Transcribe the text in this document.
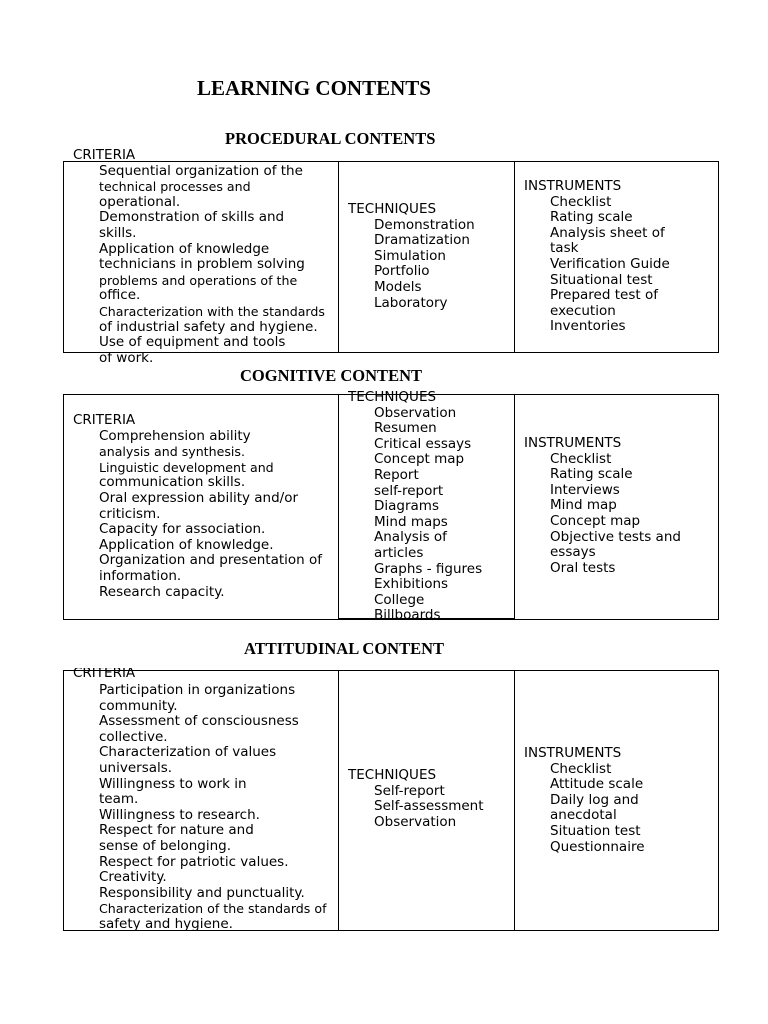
LEARNING CONTENTS
PROCEDURAL CONTENTS
CRITERIA
Sequential organization of the
technical processes and
operational.
Demonstration of skills and
skills.
Application of knowledge
technicians in problem solving
problems and operations of the
office.
Characterization with the standards
of industrial safety and hygiene.
Use of equipment and tools
of work.
TECHNIQUES
Demonstration
Dramatization
Simulation
Portfolio
Models
Laboratory
INSTRUMENTS
Checklist
Rating scale
Analysis sheet of
task
Verification Guide
Situational test
Prepared test of
execution
Inventories
COGNITIVE CONTENT
CRITERIA
Comprehension ability
analysis and synthesis.
Linguistic development and
communication skills.
Oral expression ability and/or
criticism.
Capacity for association.
Application of knowledge.
Organization and presentation of
information.
Research capacity.
TECHNIQUES
Observation
Resumen
Critical essays
Concept map
Report
self-report
Diagrams
Mind maps
Analysis of
articles
Graphs - figures
Exhibitions
College
Billboards
INSTRUMENTS
Checklist
Rating scale
Interviews
Mind map
Concept map
Objective tests and
essays
Oral tests
ATTITUDINAL CONTENT
CRITERIA
Participation in organizations
community.
Assessment of consciousness
collective.
Characterization of values
universals.
Willingness to work in
team.
Willingness to research.
Respect for nature and
sense of belonging.
Respect for patriotic values.
Creativity.
Responsibility and punctuality.
Characterization of the standards of
safety and hygiene.
TECHNIQUES
Self-report
Self-assessment
Observation
INSTRUMENTS
Checklist
Attitude scale
Daily log and
anecdotal
Situation test
Questionnaire
